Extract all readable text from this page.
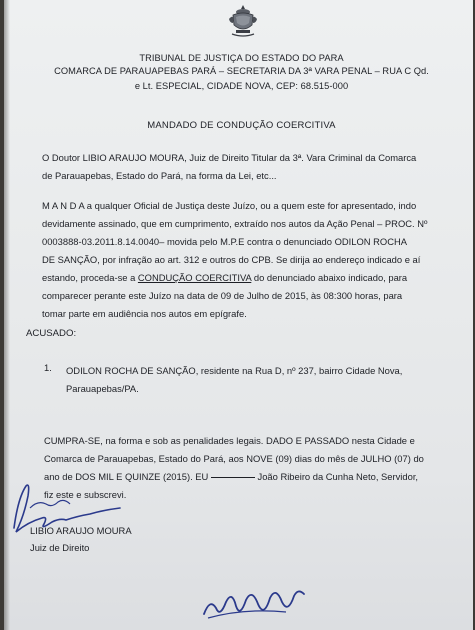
TRIBUNAL DE JUSTIÇA DO ESTADO DO PARA
COMARCA DE PARAUAPEBAS PARÁ – SECRETARIA DA 3ª VARA PENAL – RUA C Qd.
e Lt. ESPECIAL, CIDADE NOVA, CEP: 68.515-000
MANDADO DE CONDUÇÃO COERCITIVA
O Doutor LIBIO ARAUJO MOURA, Juiz de Direito Titular da 3ª. Vara Criminal da Comarca
de Parauapebas, Estado do Pará, na forma da Lei, etc...
M A N D A a qualquer Oficial de Justiça deste Juízo, ou a quem este for apresentado, indo
devidamente assinado, que em cumprimento, extraído nos autos da Ação Penal – PROC. Nº
0003888-03.2011.8.14.0040– movida pelo M.P.E contra o denunciado ODILON ROCHA
DE SANÇÃO, por infração ao art. 312 e outros do CPB. Se dirija ao endereço indicado e aí
estando, proceda-se a CONDUÇÃO COERCITIVA do denunciado abaixo indicado, para
comparecer perante este Juízo na data de 09 de Julho de 2015, às 08:300 horas, para
tomar parte em audiência nos autos em epígrafe.
ACUSADO:
1. ODILON ROCHA DE SANÇÃO, residente na Rua D, nº 237, bairro Cidade Nova,
Parauapebas/PA.
CUMPRA-SE, na forma e sob as penalidades legais. DADO E PASSADO nesta Cidade e
Comarca de Parauapebas, Estado do Pará, aos NOVE (09) dias do mês de JULHO (07) do
ano de DOS MIL E QUINZE (2015). EU	João Ribeiro da Cunha Neto, Servidor,
fiz este e subscrevi.
LIBIO ARAUJO MOURA
Juiz de Direito
